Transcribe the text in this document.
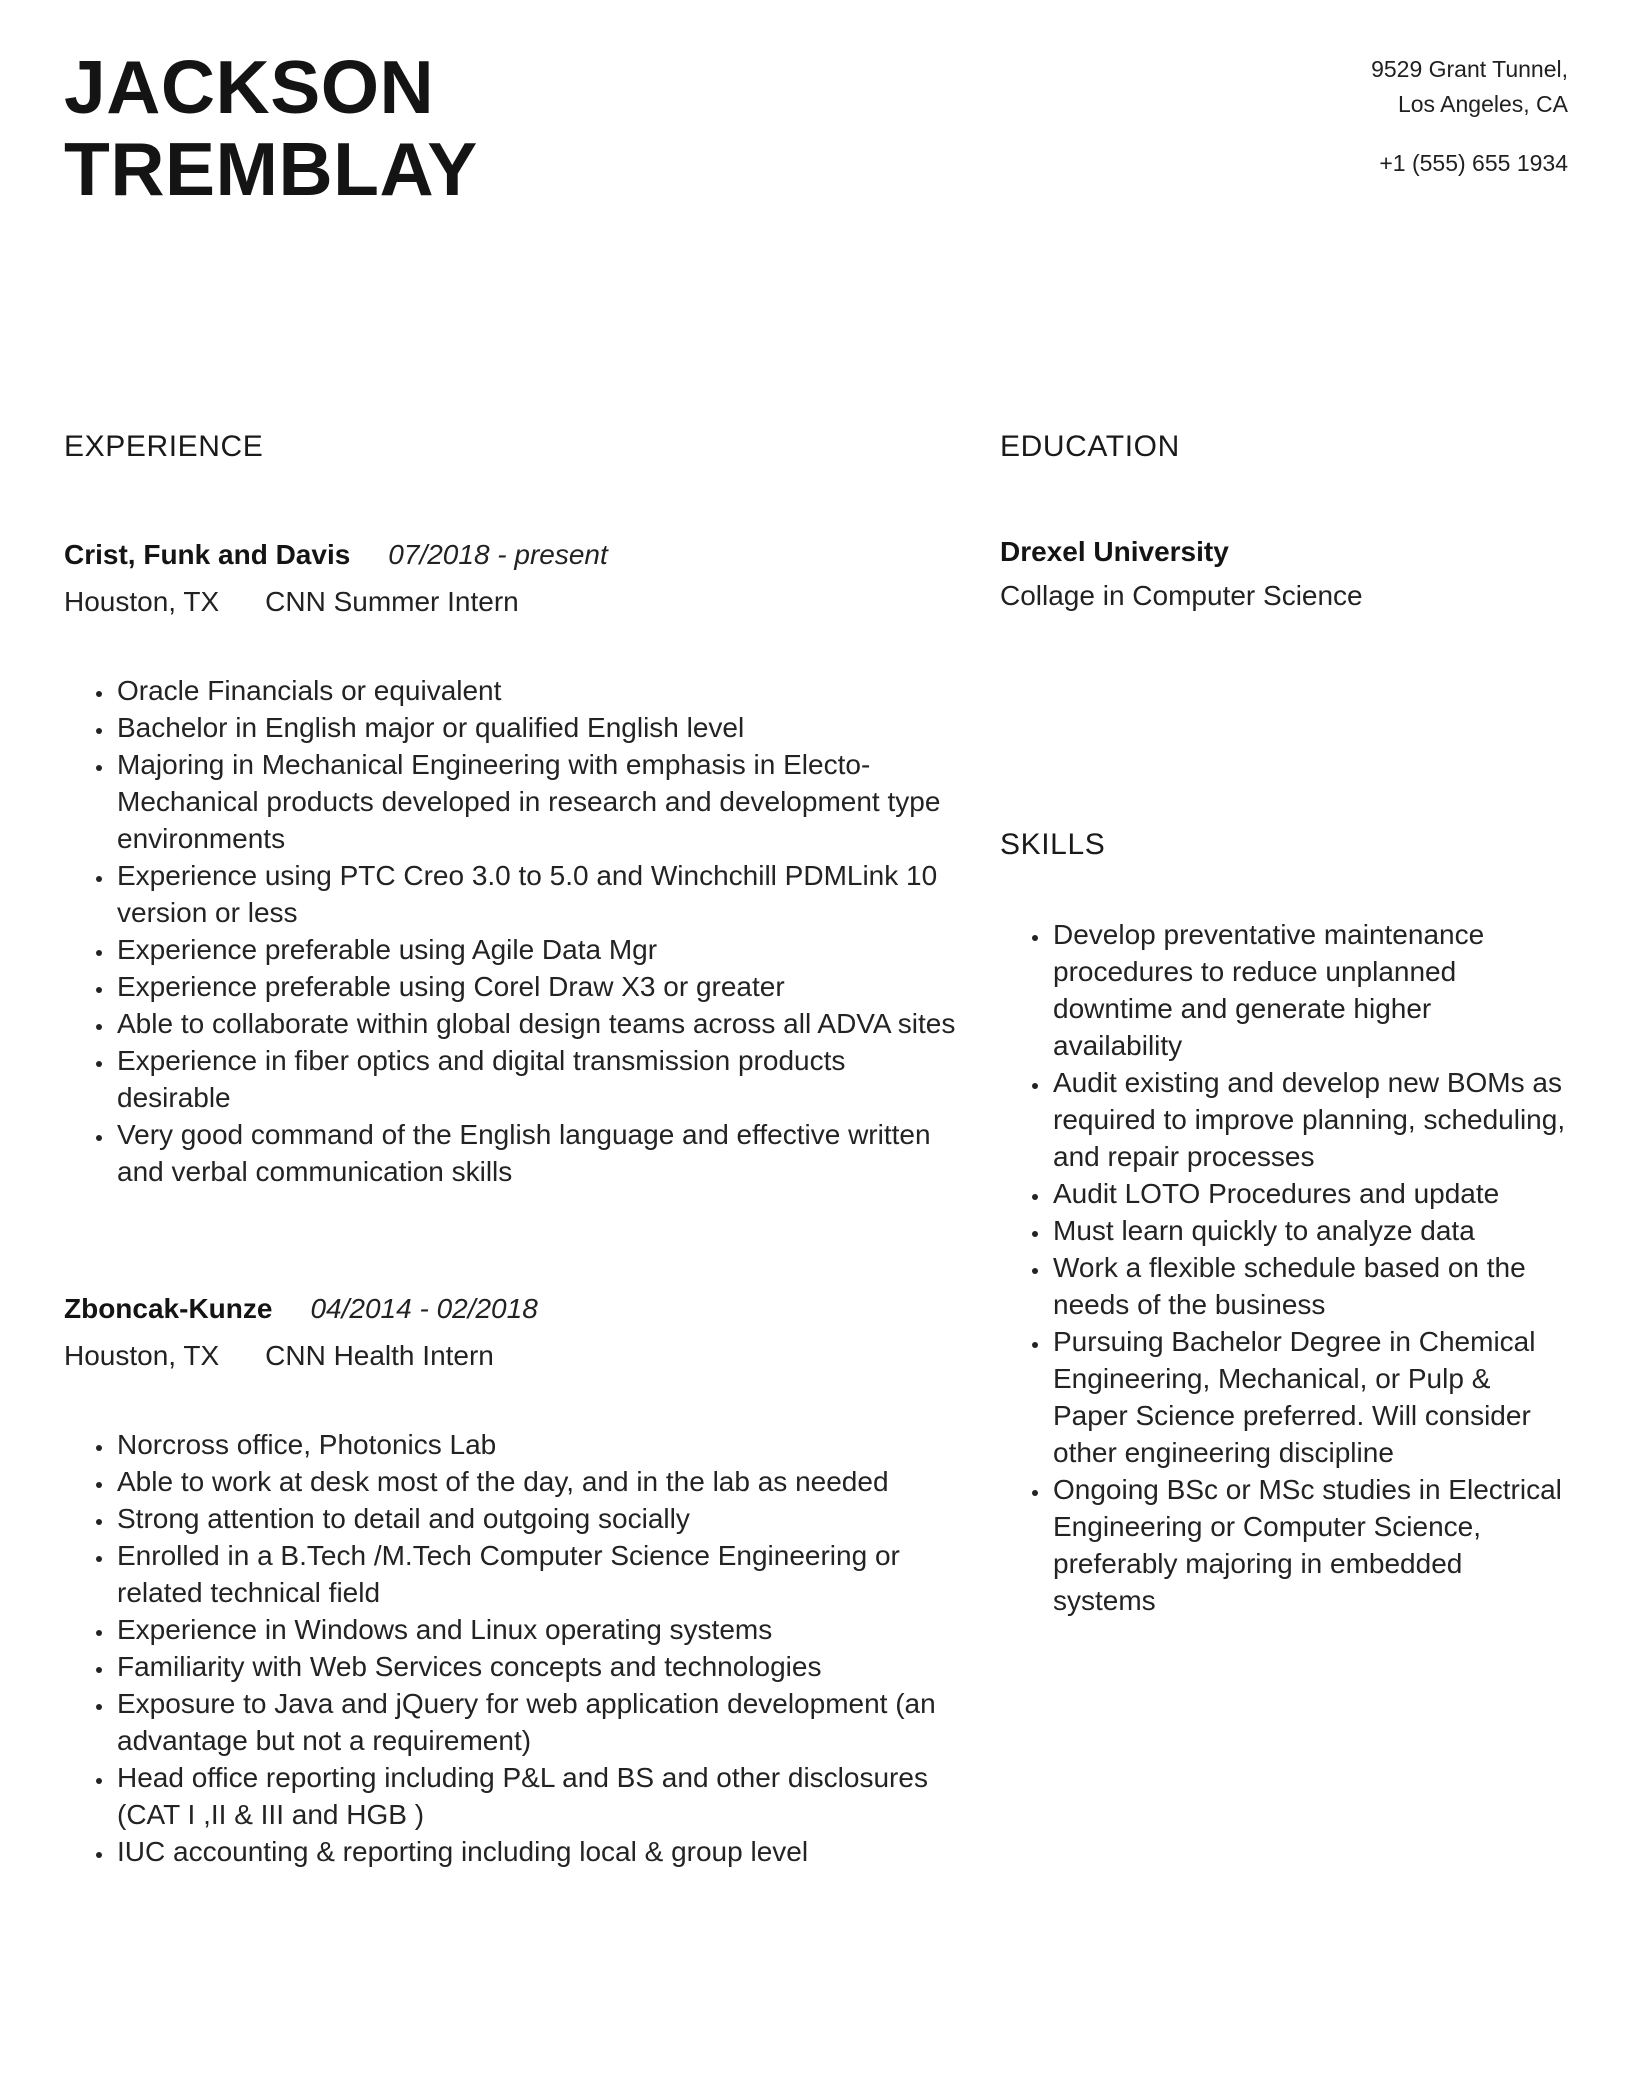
JACKSON
TREMBLAY
9529 Grant Tunnel,
Los Angeles, CA
+1 (555) 655 1934
EXPERIENCE
Crist, Funk and Davis 07/2018 - present
Houston, TX CNN Summer Intern
• Oracle Financials or equivalent
• Bachelor in English major or qualified English level
• Majoring in Mechanical Engineering with emphasis in Electo-Mechanical products developed in research and development type environments
• Experience using PTC Creo 3.0 to 5.0 and Winchchill PDMLink 10 version or less
• Experience preferable using Agile Data Mgr
• Experience preferable using Corel Draw X3 or greater
• Able to collaborate within global design teams across all ADVA sites
• Experience in fiber optics and digital transmission products desirable
• Very good command of the English language and effective written and verbal communication skills
Zboncak-Kunze 04/2014 - 02/2018
Houston, TX CNN Health Intern
• Norcross office, Photonics Lab
• Able to work at desk most of the day, and in the lab as needed
• Strong attention to detail and outgoing socially
• Enrolled in a B.Tech /M.Tech Computer Science Engineering or related technical field
• Experience in Windows and Linux operating systems
• Familiarity with Web Services concepts and technologies
• Exposure to Java and jQuery for web application development (an advantage but not a requirement)
• Head office reporting including P&L and BS and other disclosures (CAT I ,II & III and HGB )
• IUC accounting & reporting including local & group level
EDUCATION
Drexel University
Collage in Computer Science
SKILLS
• Develop preventative maintenance procedures to reduce unplanned downtime and generate higher availability
• Audit existing and develop new BOMs as required to improve planning, scheduling, and repair processes
• Audit LOTO Procedures and update
• Must learn quickly to analyze data
• Work a flexible schedule based on the needs of the business
• Pursuing Bachelor Degree in Chemical Engineering, Mechanical, or Pulp & Paper Science preferred. Will consider other engineering discipline
• Ongoing BSc or MSc studies in Electrical Engineering or Computer Science, preferably majoring in embedded systems
